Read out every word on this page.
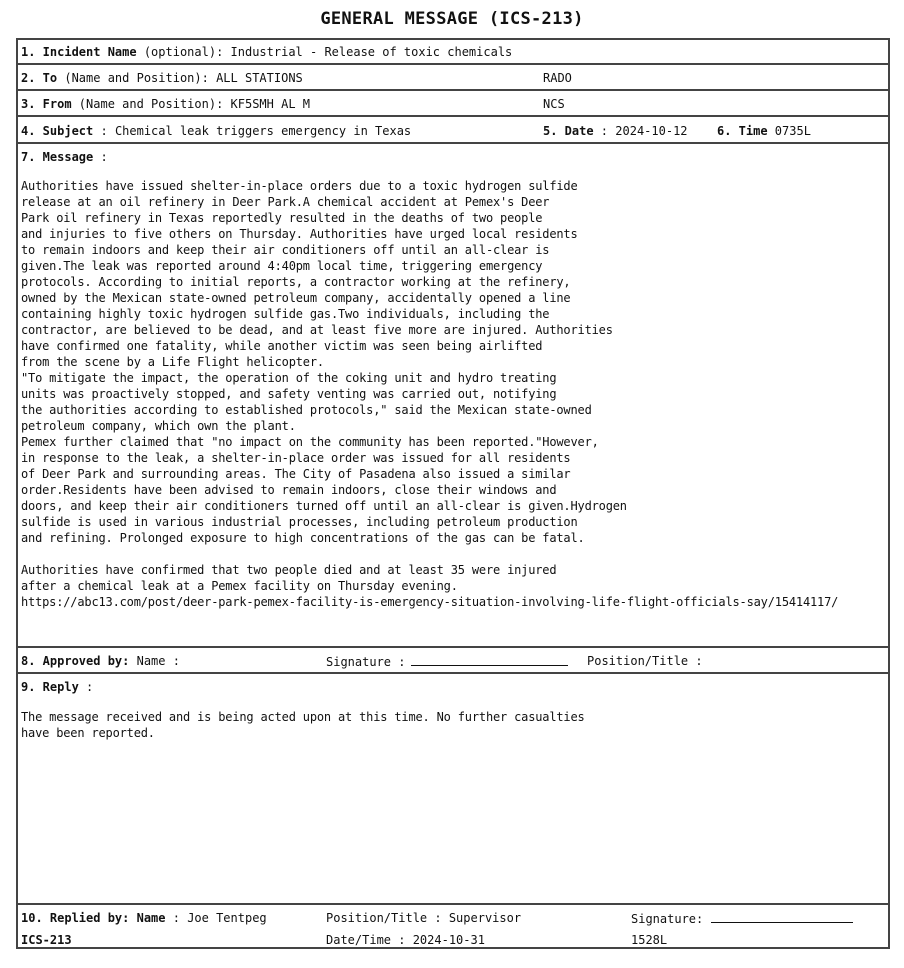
GENERAL MESSAGE (ICS-213)
1. Incident Name (optional): Industrial - Release of toxic chemicals
2. To (Name and Position): ALL STATIONS	RADO
3. From (Name and Position): KF5SMH AL M	NCS
4. Subject : Chemical leak triggers emergency in Texas	5. Date : 2024-10-12 6. Time 0735L
7. Message :
Authorities have issued shelter-in-place orders due to a toxic hydrogen sulfide
release at an oil refinery in Deer Park.A chemical accident at Pemex's Deer
Park oil refinery in Texas reportedly resulted in the deaths of two people
and injuries to five others on Thursday. Authorities have urged local residents
to remain indoors and keep their air conditioners off until an all-clear is
given.The leak was reported around 4:40pm local time, triggering emergency
protocols. According to initial reports, a contractor working at the refinery,
owned by the Mexican state-owned petroleum company, accidentally opened a line
containing highly toxic hydrogen sulfide gas.Two individuals, including the
contractor, are believed to be dead, and at least five more are injured. Authorities
have confirmed one fatality, while another victim was seen being airlifted
from the scene by a Life Flight helicopter.
"To mitigate the impact, the operation of the coking unit and hydro treating
units was proactively stopped, and safety venting was carried out, notifying
the authorities according to established protocols," said the Mexican state-owned
petroleum company, which own the plant.
Pemex further claimed that "no impact on the community has been reported."However,
in response to the leak, a shelter-in-place order was issued for all residents
of Deer Park and surrounding areas. The City of Pasadena also issued a similar
order.Residents have been advised to remain indoors, close their windows and
doors, and keep their air conditioners turned off until an all-clear is given.Hydrogen
sulfide is used in various industrial processes, including petroleum production
and refining. Prolonged exposure to high concentrations of the gas can be fatal.

Authorities have confirmed that two people died and at least 35 were injured
after a chemical leak at a Pemex facility on Thursday evening.
https://abc13.com/post/deer-park-pemex-facility-is-emergency-situation-involving-life-flight-officials-say/15414117/
8. Approved by: Name :	Signature :	Position/Title :
9. Reply :
The message received and is being acted upon at this time. No further casualties
have been reported.
10. Replied by: Name : Joe Tentpeg	Position/Title : Supervisor	Signature:
ICS-213	Date/Time : 2024-10-31	1528L
